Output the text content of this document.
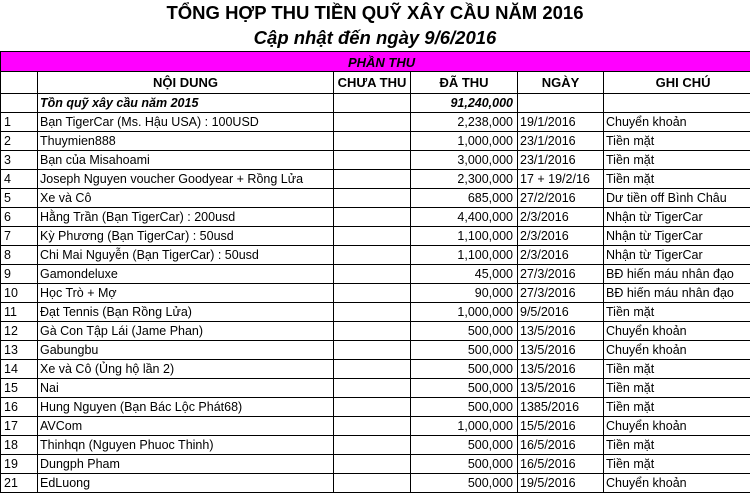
TỔNG HỢP THU TIỀN QUỸ XÂY CẦU NĂM 2016
Cập nhật đến ngày 9/6/2016
PHẦN THU					
	NỘI DUNG	CHƯA THU	ĐÃ THU	NGÀY	GHI CHÚ
	Tồn quỹ xây cầu năm 2015		91,240,000		
1	Bạn TigerCar (Ms. Hậu USA) : 100USD		2,238,000	19/1/2016	Chuyển khoản
2	Thuymien888		1,000,000	23/1/2016	Tiền mặt
3	Bạn của Misahoami		3,000,000	23/1/2016	Tiền mặt
4	Joseph Nguyen voucher Goodyear + Rồng Lửa		2,300,000	17 + 19/2/16	Tiền mặt
5	Xe và Cô		685,000	27/2/2016	Dư tiền off Bình Châu
6	Hằng Trần (Bạn TigerCar) : 200usd		4,400,000	2/3/2016	Nhận từ TigerCar
7	Kỳ Phương (Bạn TigerCar) : 50usd		1,100,000	2/3/2016	Nhận từ TigerCar
8	Chi Mai Nguyễn (Bạn TigerCar) : 50usd		1,100,000	2/3/2016	Nhận từ TigerCar
9	Gamondeluxe		45,000	27/3/2016	BĐ hiến máu nhân đạo
10	Học Trò + Mợ		90,000	27/3/2016	BĐ hiến máu nhân đạo
11	Đạt Tennis (Bạn Rồng Lửa)		1,000,000	9/5/2016	Tiền mặt
12	Gà Con Tập Lái (Jame Phan)		500,000	13/5/2016	Chuyển khoản
13	Gabungbu		500,000	13/5/2016	Chuyển khoản
14	Xe và Cô (Ủng hộ lần 2)		500,000	13/5/2016	Tiền mặt
15	Nai		500,000	13/5/2016	Tiền mặt
16	Hung Nguyen (Bạn Bác Lộc Phát68)		500,000	1385/2016	Tiền mặt
17	AVCom		1,000,000	15/5/2016	Chuyển khoản
18	Thinhqn (Nguyen Phuoc Thinh)		500,000	16/5/2016	Tiền mặt
19	Dungph Pham		500,000	16/5/2016	Tiền mặt
21	EdLuong		500,000	19/5/2016	Chuyển khoản
